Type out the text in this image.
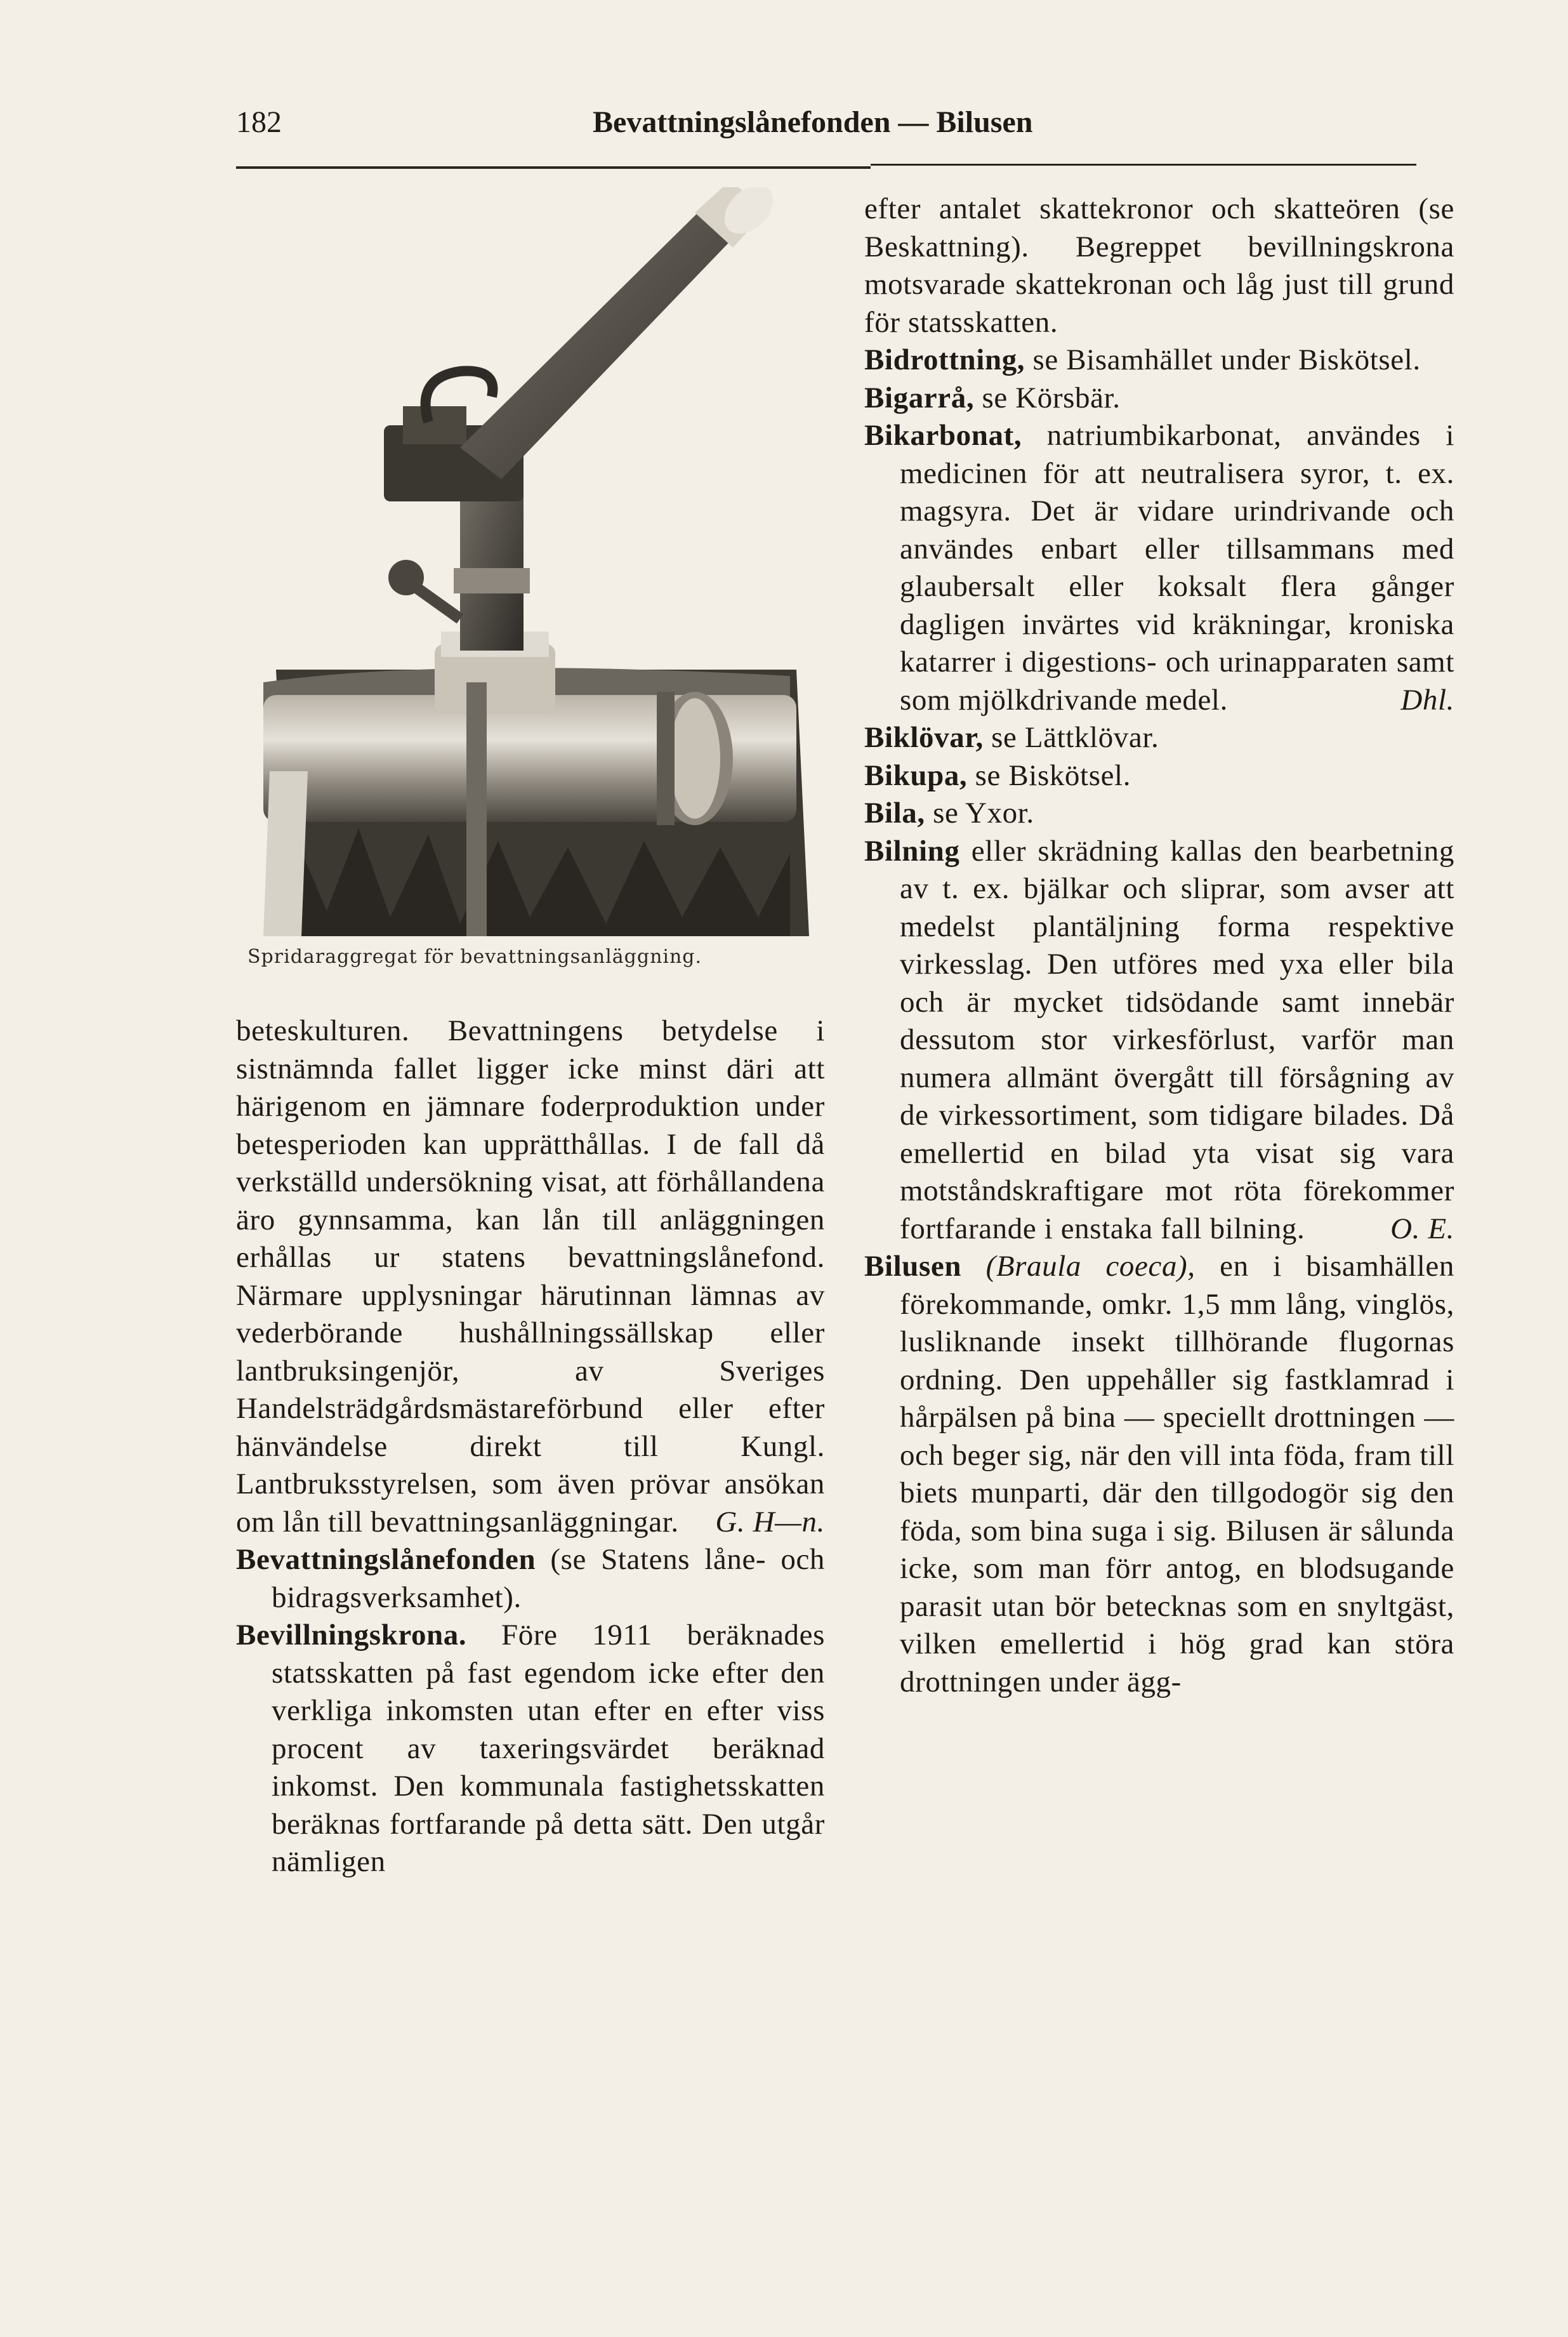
182	Bevattningslånefonden — Bilusen
Spridaraggregat för bevattningsanläggning.

beteskulturen. Bevattningens betydelse i sistnämnda fallet ligger icke minst däri att härigenom en jämnare foderproduktion under betesperioden kan upprätthållas. I de fall då verkställd undersökning visat, att förhållandena äro gynnsamma, kan lån till anläggningen erhållas ur statens bevattningslånefond. Närmare upplysningar härutinnan lämnas av vederbörande hushållningssällskap eller lantbruksingenjör, av Sveriges Handelsträdgårdsmästareförbund eller efter hänvändelse direkt till Kungl. Lantbruksstyrelsen, som även prövar ansökan om lån till bevattningsanläggningar. G. H—n.

Bevattningslånefonden (se Statens låne- och bidragsverksamhet).

Bevillningskrona. Före 1911 beräknades statsskatten på fast egendom icke efter den verkliga inkomsten utan efter en efter viss procent av taxeringsvärdet beräknad inkomst. Den kommunala fastighetsskatten beräknas fortfarande på detta sätt. Den utgår nämligen

efter antalet skattekronor och skatteören (se Beskattning). Begreppet bevillningskrona motsvarade skattekronan och låg just till grund för statsskatten.

Bidrottning, se Bisamhället under Biskötsel.

Bigarrå, se Körsbär.

Bikarbonat, natriumbikarbonat, användes i medicinen för att neutralisera syror, t. ex. magsyra. Det är vidare urindrivande och användes enbart eller tillsammans med glaubersalt eller koksalt flera gånger dagligen invärtes vid kräkningar, kroniska katarrer i digestions- och urinapparaten samt som mjölkdrivande medel.	Dhl.

Biklövar, se Lättklövar.

Bikupa, se Biskötsel.

Bila, se Yxor.

Bilning eller skrädning kallas den bearbetning av t. ex. bjälkar och sliprar, som avser att medelst plantäljning forma respektive virkesslag. Den utföres med yxa eller bila och är mycket tidsödande samt innebär dessutom stor virkesförlust, varför man numera allmänt övergått till försågning av de virkessortiment, som tidigare bilades. Då emellertid en bilad yta visat sig vara motståndskraftigare mot röta förekommer fortfarande i enstaka fall bilning.	O. E.

Bilusen (Braula coeca), en i bisamhällen förekommande, omkr. 1,5 mm lång, vinglös, lusliknande insekt tillhörande flugornas ordning. Den uppehåller sig fastklamrad i hårpälsen på bina — speciellt drottningen — och beger sig, när den vill inta föda, fram till biets munparti, där den tillgodogör sig den föda, som bina suga i sig. Bilusen är sålunda icke, som man förr antog, en blodsugande parasit utan bör betecknas som en snyltgäst, vilken emellertid i hög grad kan störa drottningen under ägg-
